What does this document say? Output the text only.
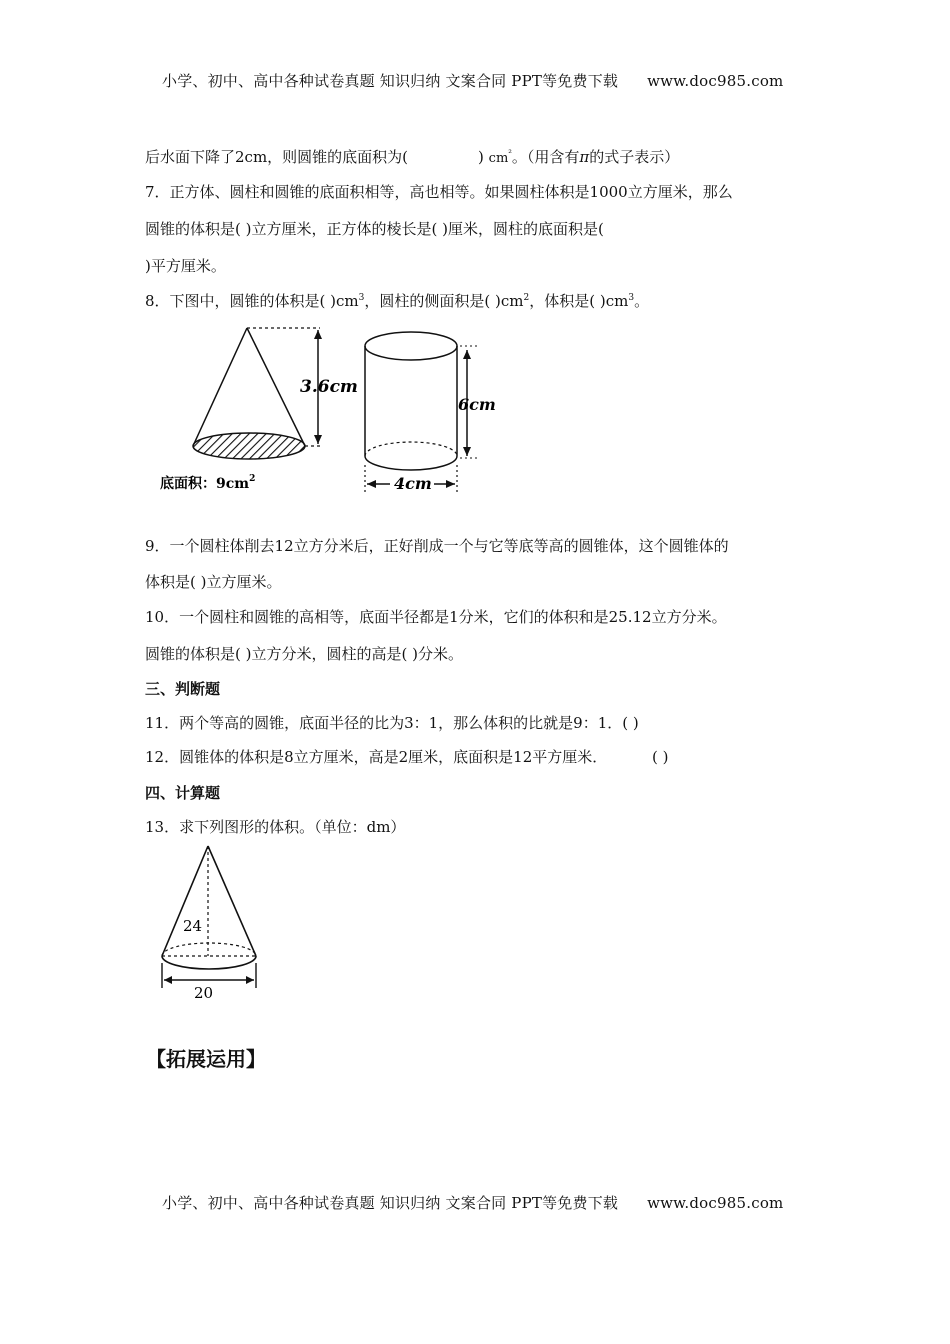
小学、初中、高中各种试卷真题 知识归纳 文案合同 PPT等免费下载 www.doc985.com
后水面下降了2cm，则圆锥的底面积为(	) $cm^{^2}$。（用含有π的式子表示）
7．正方体、圆柱和圆锥的底面积相等，高也相等。如果圆柱体积是1000立方厘米，那么
圆锥的体积是( )立方厘米，正方体的棱长是( )厘米，圆柱的底面积是(
)平方厘米。
8．下图中，圆锥的体积是( )$cm^3$，圆柱的侧面积是( )$cm^2$，体积是( )$cm^3$。
3.6cm
底面积：$9cm^2$
6cm
4cm
9．一个圆柱体削去12立方分米后，正好削成一个与它等底等高的圆锥体，这个圆锥体的
体积是( )立方厘米。
10．一个圆柱和圆锥的高相等，底面半径都是1分米，它们的体积和是25.12立方分米。
圆锥的体积是( )立方分米，圆柱的高是( )分米。
三、判断题
11．两个等高的圆锥，底面半径的比为3：1，那么体积的比就是9：1．( )
12．圆锥体的体积是8立方厘米，高是2厘米，底面积是12平方厘米．	( )
四、计算题
13．求下列图形的体积。（单位：dm）
24
20
【拓展运用】
小学、初中、高中各种试卷真题 知识归纳 文案合同 PPT等免费下载 www.doc985.com
